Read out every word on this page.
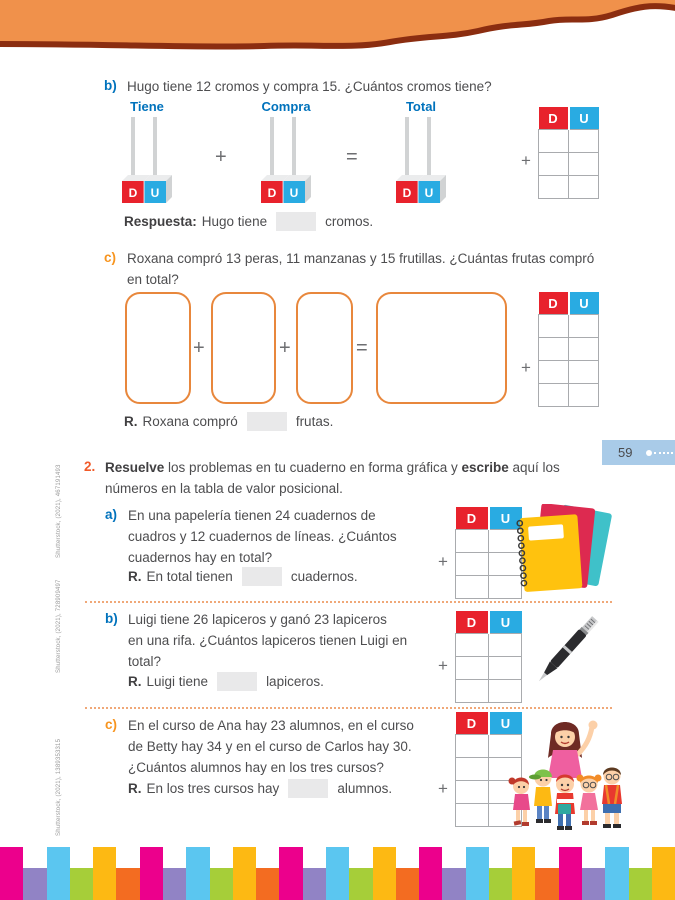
b) Hugo tiene 12 cromos y compra 15. ¿Cuántos cromos tiene?
Tiene	Compra	Total
D U
+
D U
=
D U
+
D	U

Respuesta: Hugo tiene	cromos.
c) Roxana compró 13 peras, 11 manzanas y 15 frutillas. ¿Cuántas frutas compró
en total?
+	+	=
+
D	U

R. Roxana compró	frutas.
59
2. Resuelve los problemas en tu cuaderno en forma gráfica y escribe aquí los
números en la tabla de valor posicional.
a) En una papelería tienen 24 cuadernos de
cuadros y 12 cuadernos de líneas. ¿Cuántos
cuadernos hay en total?
R. En total tienen	cuadernos.
+
D	U

b) Luigi tiene 26 lapiceros y ganó 23 lapiceros
en una rifa. ¿Cuántos lapiceros tienen Luigi en
total?
R. Luigi tiene	lapiceros.
+
D	U

c) En el curso de Ana hay 23 alumnos, en el curso
de Betty hay 34 y en el curso de Carlos hay 30.
¿Cuántos alumnos hay en los tres cursos?
R. En los tres cursos hay	alumnos.	+
D	U

Shutterstock, (2021), 467191493
Shutterstock, (2021), 728909497
Shutterstock, (2021), 1389353315
